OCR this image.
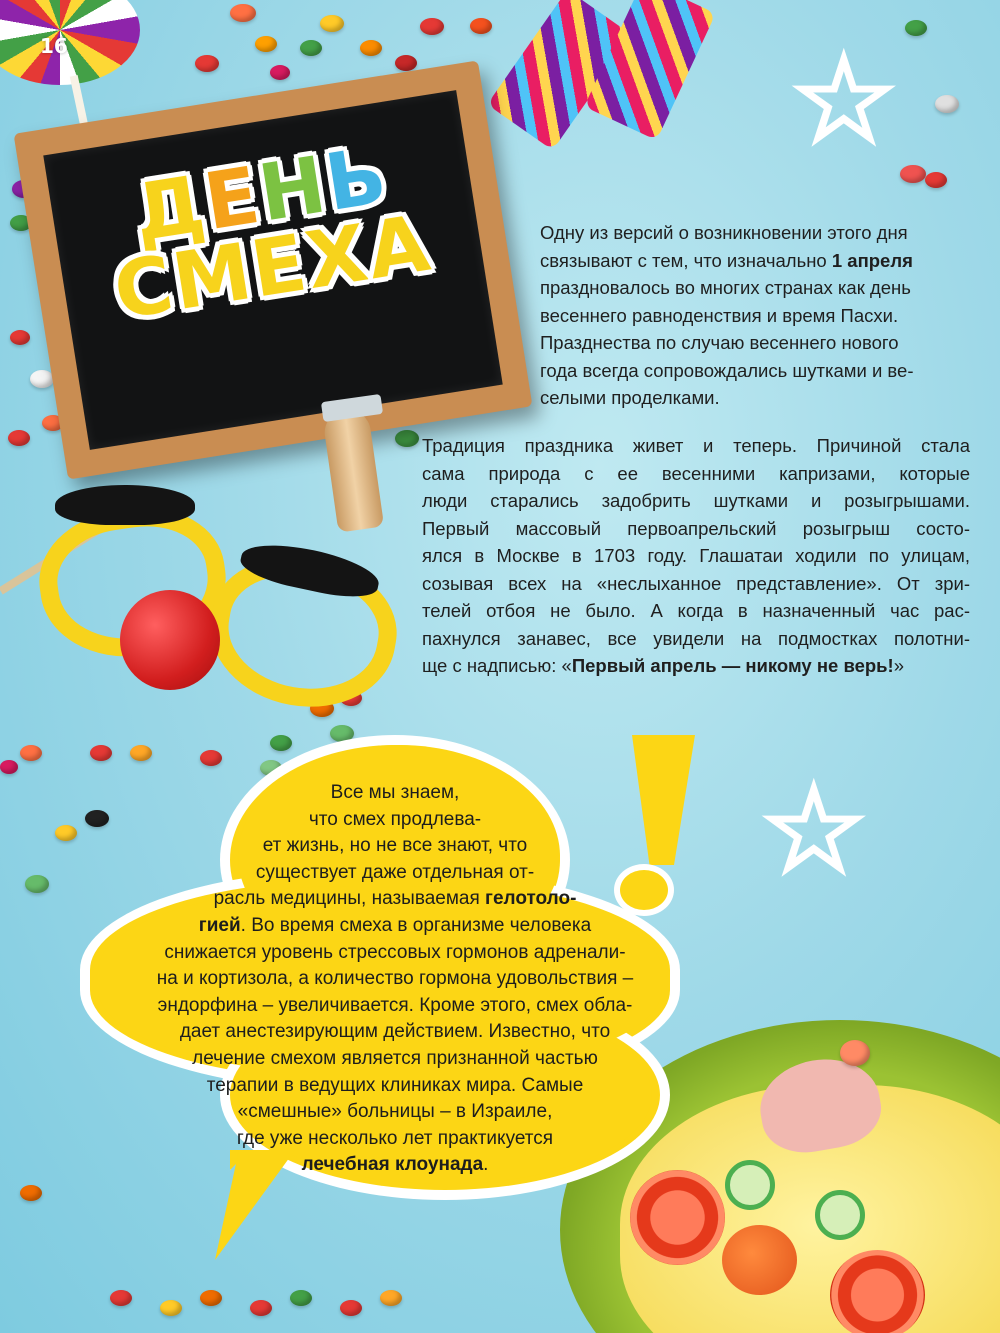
16	☆
☆
ДЕНЬ
СМЕХА	Одну из версий о возникновении этого дня
связывают с тем, что изначально 1 апреля
праздновалось во многих странах как день
весеннего равноденствия и время Пасхи.
Празднества по случаю весеннего нового
года всегда сопровождались шутками и ве-
селыми проделками.
Традиция праздника живет и теперь. Причиной стала
сама природа с ее весенними капризами, которые
люди старались задобрить шутками и розыгрышами.
Первый массовый первоапрельский розыгрыш состо-
ялся в Москве в 1703 году. Глашатаи ходили по улицам,
созывая всех на «неслыханное представление». От зри-
телей отбоя не было. А когда в назначенный час рас-
пахнулся занавес, все увидели на подмостках полотни-
ще с надписью: «Первый апрель — никому не верь!»
Все мы знаем,
что смех продлева-
ет жизнь, но не все знают, что
существует даже отдельная от-
расль медицины, называемая гелотоло-
гией. Во время смеха в организме человека
снижается уровень стрессовых гормонов адренали-
на и кортизола, а количество гормона удовольствия –
эндорфина – увеличивается. Кроме этого, смех обла-
дает анестезирующим действием. Известно, что
лечение смехом является признанной частью
терапии в ведущих клиниках мира. Самые
«смешные» больницы – в Израиле,
где уже несколько лет практикуется
лечебная клоунада.
